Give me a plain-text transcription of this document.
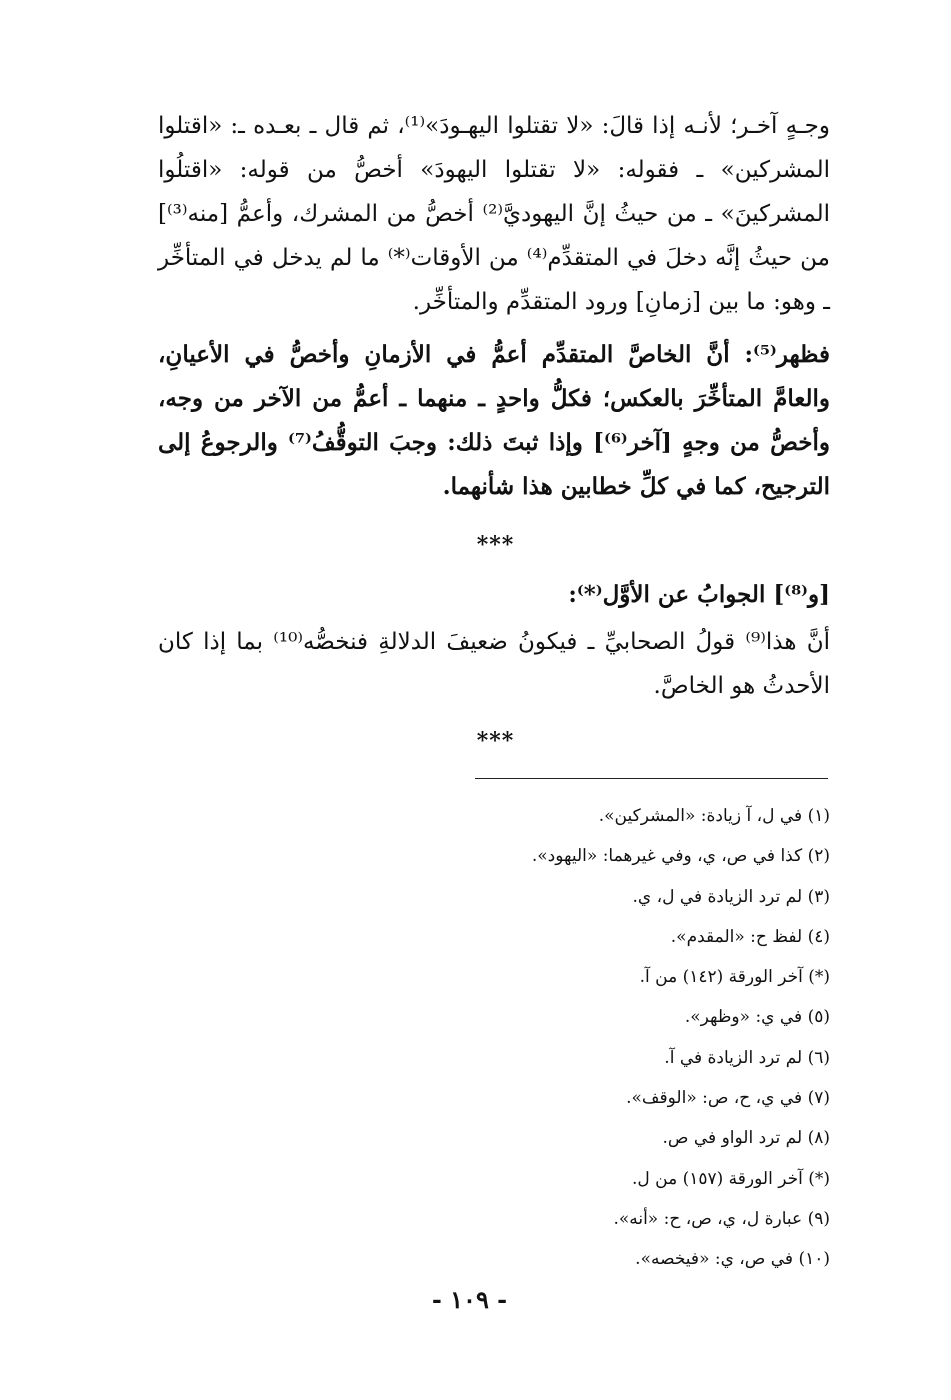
وجـهٍ آخـر؛ لأنـه إذا قالَ: «لا تقتلوا اليهـودَ»⁽¹⁾، ثم قال ـ بعـده ـ: «اقتلوا المشركين» ـ فقوله: «لا تقتلوا اليهودَ» أخصُّ من قوله: «اقتلُوا المشركينَ» ـ من حيثُ إنَّ اليهوديَّ⁽²⁾ أخصُّ من المشرك، وأعمُّ [منه⁽³⁾] من حيثُ إنَّه دخلَ في المتقدِّم⁽⁴⁾ من الأوقات⁽*⁾ ما لم يدخل في المتأخِّر ـ وهو: ما بين [زمانِ] ورود المتقدِّم والمتأخِّر.

فظهر⁽⁵⁾: أنَّ الخاصَّ المتقدِّم أعمُّ في الأزمانِ وأخصُّ في الأعيانِ، والعامَّ المتأخِّرَ بالعكس؛ فكلُّ واحدٍ ـ منهما ـ أعمُّ من الآخر من وجه، وأخصُّ من وجهٍ [آخر⁽⁶⁾] وإذا ثبتَ ذلك: وجبَ التوقُّفُ⁽⁷⁾ والرجوعُ إلى الترجيح، كما في كلِّ خطابين هذا شأنهما.

***
[و⁽⁸⁾] الجوابُ عن الأوَّل⁽*⁾:

أنَّ هذا⁽⁹⁾ قولُ الصحابيِّ ـ فيكونُ ضعيفَ الدلالةِ فنخصُّه⁽¹⁰⁾ بما إذا كان الأحدثُ هو الخاصَّ.

***
(١) في ل، آ زيادة: «المشركين».
(٢) كذا في ص، ي، وفي غيرهما: «اليهود».
(٣) لم ترد الزيادة في ل، ي.
(٤) لفظ ح: «المقدم».
(*) آخر الورقة (١٤٢) من آ.
(٥) في ي: «وظهر».
(٦) لم ترد الزيادة في آ.
(٧) في ي، ح، ص: «الوقف».
(٨) لم ترد الواو في ص.
(*) آخر الورقة (١٥٧) من ل.
(٩) عبارة ل، ي، ص، ح: «أنه».
(١٠) في ص، ي: «فيخصه».
- ١٠٩ -
